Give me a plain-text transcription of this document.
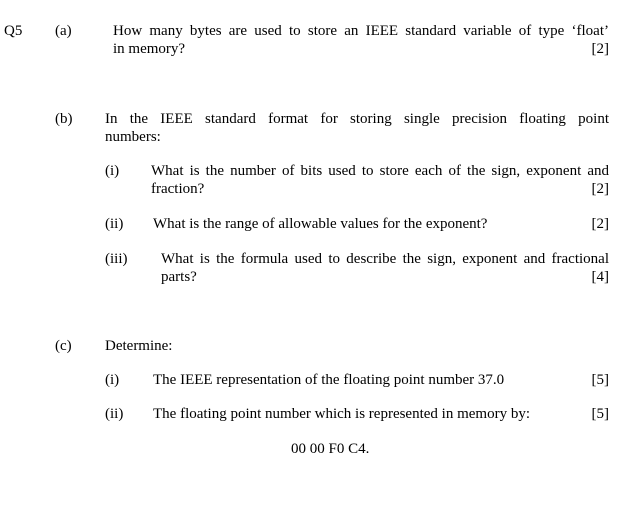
Q5 (a)	How many bytes are used to store an IEEE standard variable of type ‘float’
in memory?	[2]
(b) In the IEEE standard format for storing single precision floating point
numbers:
(i) What is the number of bits used to store each of the sign, exponent and
fraction?	[2]
(ii) What is the range of allowable values for the exponent?	[2]
(iii) What is the formula used to describe the sign, exponent and fractional
parts?	[4]
(c) Determine:
(i) The IEEE representation of the floating point number 37.0	[5]
(ii) The floating point number which is represented in memory by:	[5]
00 00 F0 C4.
